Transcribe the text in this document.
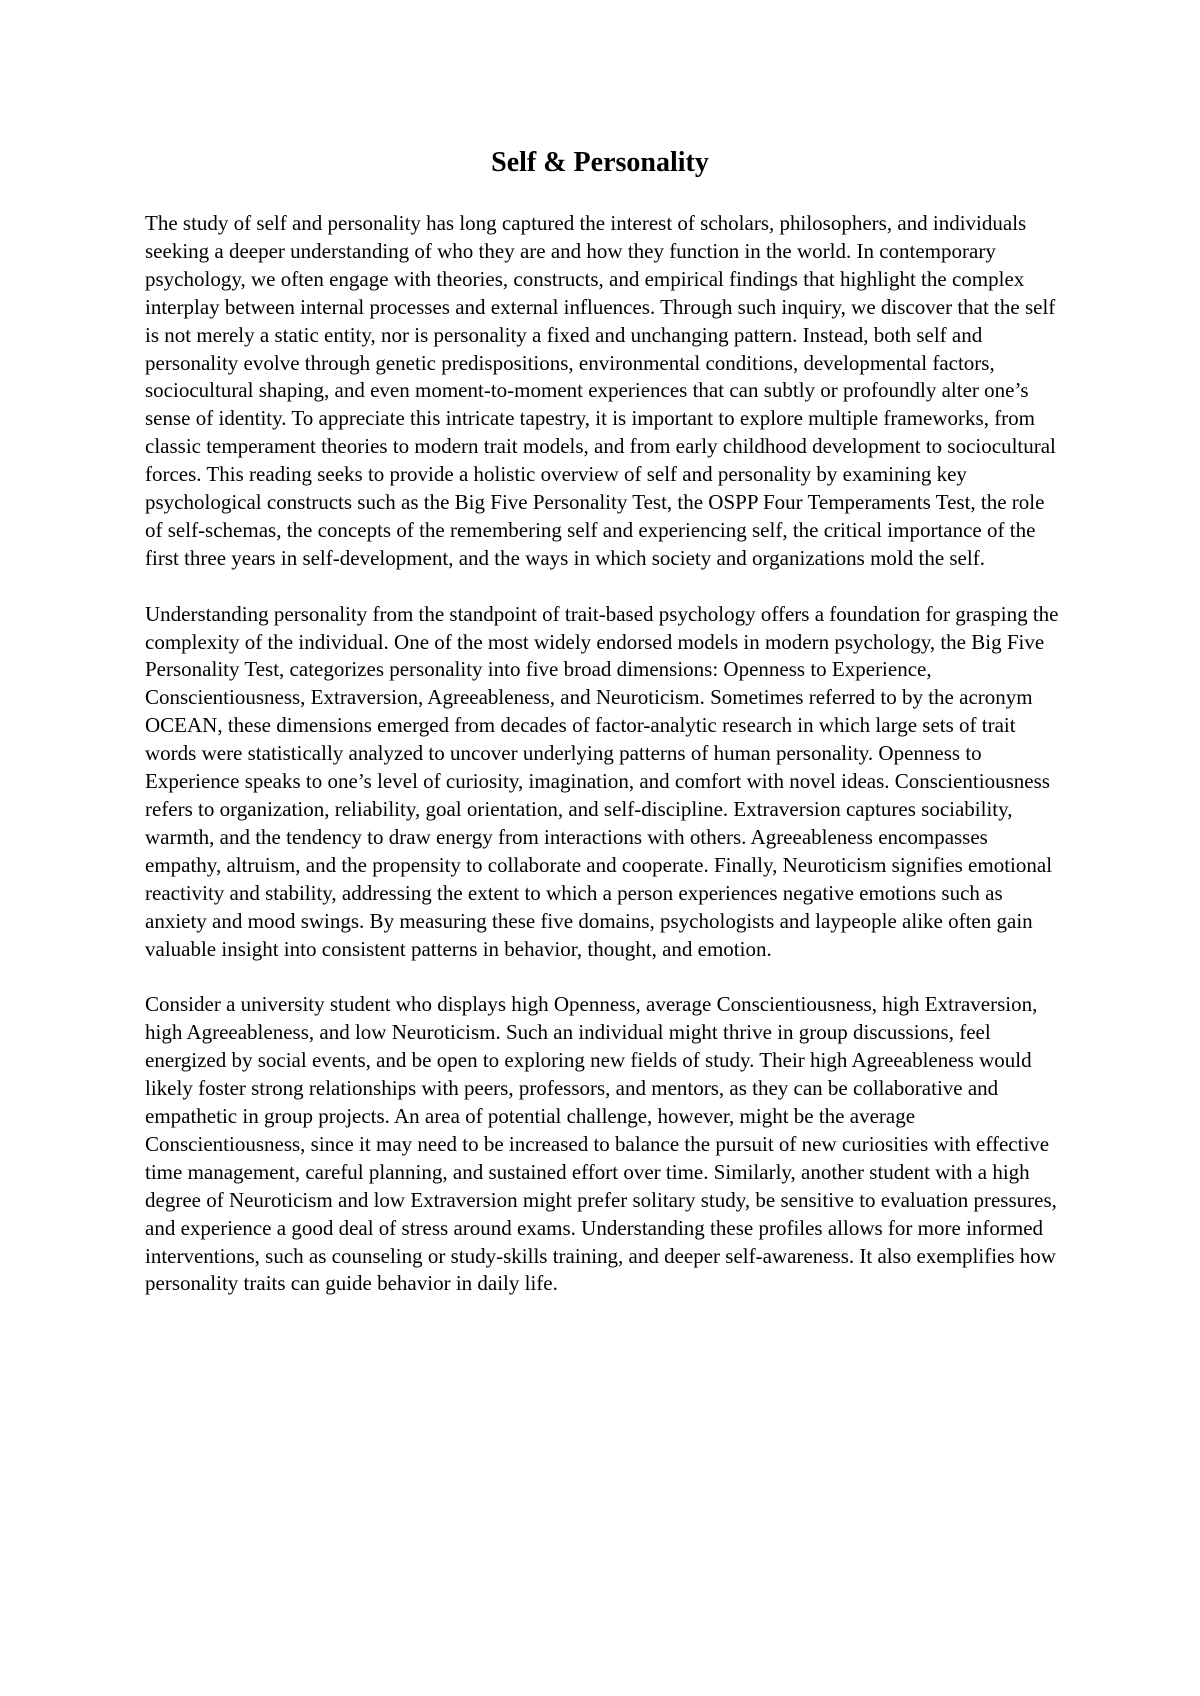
Self & Personality

The study of self and personality has long captured the interest of scholars, philosophers, and individuals seeking a deeper understanding of who they are and how they function in the world. In contemporary psychology, we often engage with theories, constructs, and empirical findings that highlight the complex interplay between internal processes and external influences. Through such inquiry, we discover that the self is not merely a static entity, nor is personality a fixed and unchanging pattern. Instead, both self and personality evolve through genetic predispositions, environmental conditions, developmental factors, sociocultural shaping, and even moment-to-moment experiences that can subtly or profoundly alter one’s sense of identity. To appreciate this intricate tapestry, it is important to explore multiple frameworks, from classic temperament theories to modern trait models, and from early childhood development to sociocultural forces. This reading seeks to provide a holistic overview of self and personality by examining key psychological constructs such as the Big Five Personality Test, the OSPP Four Temperaments Test, the role of self-schemas, the concepts of the remembering self and experiencing self, the critical importance of the first three years in self-development, and the ways in which society and organizations mold the self.

Understanding personality from the standpoint of trait-based psychology offers a foundation for grasping the complexity of the individual. One of the most widely endorsed models in modern psychology, the Big Five Personality Test, categorizes personality into five broad dimensions: Openness to Experience, Conscientiousness, Extraversion, Agreeableness, and Neuroticism. Sometimes referred to by the acronym OCEAN, these dimensions emerged from decades of factor-analytic research in which large sets of trait words were statistically analyzed to uncover underlying patterns of human personality. Openness to Experience speaks to one’s level of curiosity, imagination, and comfort with novel ideas. Conscientiousness refers to organization, reliability, goal orientation, and self-discipline. Extraversion captures sociability, warmth, and the tendency to draw energy from interactions with others. Agreeableness encompasses empathy, altruism, and the propensity to collaborate and cooperate. Finally, Neuroticism signifies emotional reactivity and stability, addressing the extent to which a person experiences negative emotions such as anxiety and mood swings. By measuring these five domains, psychologists and laypeople alike often gain valuable insight into consistent patterns in behavior, thought, and emotion.

Consider a university student who displays high Openness, average Conscientiousness, high Extraversion, high Agreeableness, and low Neuroticism. Such an individual might thrive in group discussions, feel energized by social events, and be open to exploring new fields of study. Their high Agreeableness would likely foster strong relationships with peers, professors, and mentors, as they can be collaborative and empathetic in group projects. An area of potential challenge, however, might be the average Conscientiousness, since it may need to be increased to balance the pursuit of new curiosities with effective time management, careful planning, and sustained effort over time. Similarly, another student with a high degree of Neuroticism and low Extraversion might prefer solitary study, be sensitive to evaluation pressures, and experience a good deal of stress around exams. Understanding these profiles allows for more informed interventions, such as counseling or study-skills training, and deeper self-awareness. It also exemplifies how personality traits can guide behavior in daily life.
